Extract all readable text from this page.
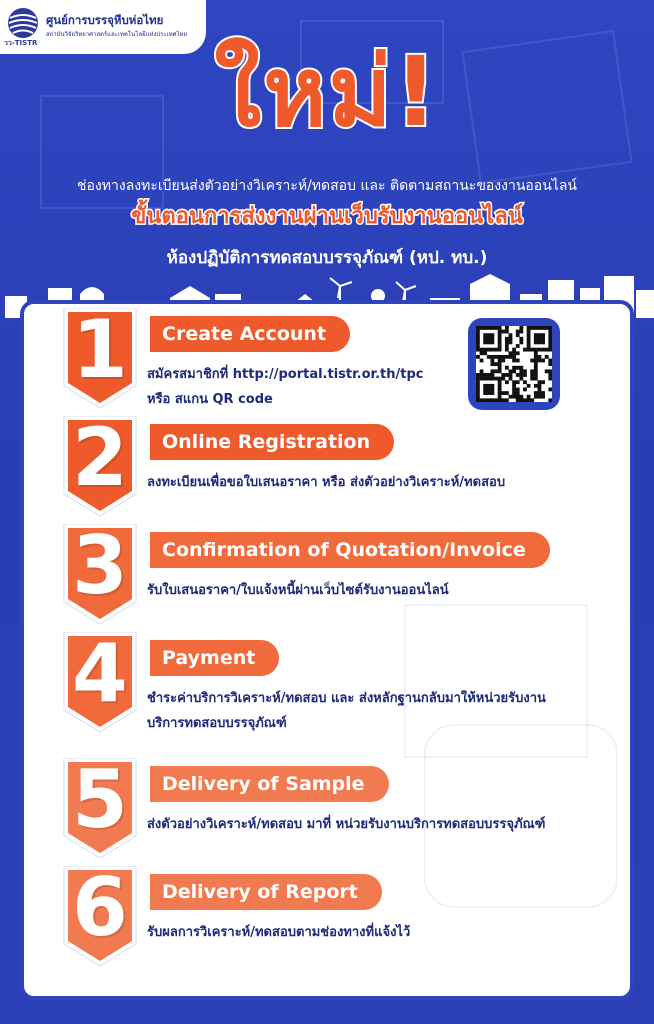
วว-TISTR
ศูนย์การบรรจุหีบห่อไทย
สถาบันวิจัยวิทยาศาสตร์และเทคโนโลยีแห่งประเทศไทย
ใหม่!
ช่องทางลงทะเบียนส่งตัวอย่างวิเคราะห์/ทดสอบ และ ติดตามสถานะของงานออนไลน์
ขั้นตอนการส่งงานผ่านเว็บรับงานออนไลน์
ห้องปฏิบัติการทดสอบบรรจุภัณฑ์ (หป. ทบ.)
1	Create Account
สมัครสมาชิกที่ http://portal.tistr.or.th/tpc
หรือ สแกน QR code
2	Online Registration
ลงทะเบียนเพื่อขอใบเสนอราคา หรือ ส่งตัวอย่างวิเคราะห์/ทดสอบ
3	Confirmation of Quotation/Invoice
รับใบเสนอราคา/ใบแจ้งหนี้ผ่านเว็บไซต์รับงานออนไลน์
4	Payment
ชำระค่าบริการวิเคราะห์/ทดสอบ และ ส่งหลักฐานกลับมาให้หน่วยรับงาน
บริการทดสอบบรรจุภัณฑ์
5	Delivery of Sample
ส่งตัวอย่างวิเคราะห์/ทดสอบ มาที่ หน่วยรับงานบริการทดสอบบรรจุภัณฑ์
6	Delivery of Report
รับผลการวิเคราะห์/ทดสอบตามช่องทางที่แจ้งไว้
